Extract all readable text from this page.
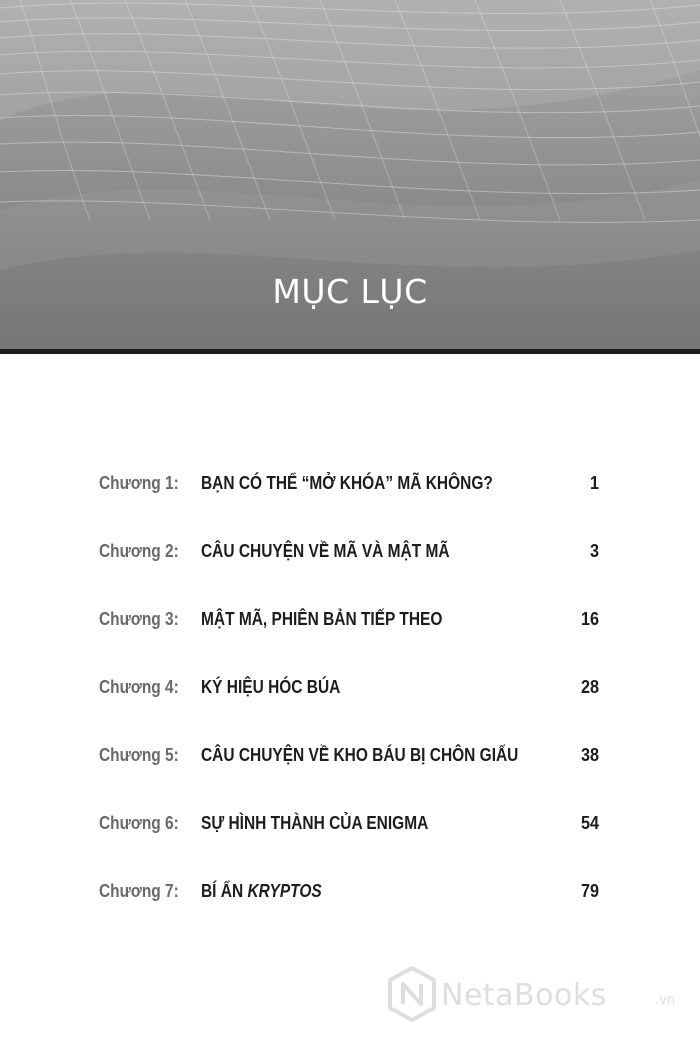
MỤC LỤC
Chương 1: BẠN CÓ THỂ “MỞ KHÓA” MÃ KHÔNG?	1
Chương 2: CÂU CHUYỆN VỀ MÃ VÀ MẬT MÃ	3
Chương 3: MẬT MÃ, PHIÊN BẢN TIẾP THEO	16
Chương 4: KÝ HIỆU HÓC BÚA	28
Chương 5: CÂU CHUYỆN VỀ KHO BÁU BỊ CHÔN GIẤU	38
Chương 6: SỰ HÌNH THÀNH CỦA ENIGMA	54
Chương 7: BÍ ẨN KRYPTOS	79
NetaBooks	.vn
